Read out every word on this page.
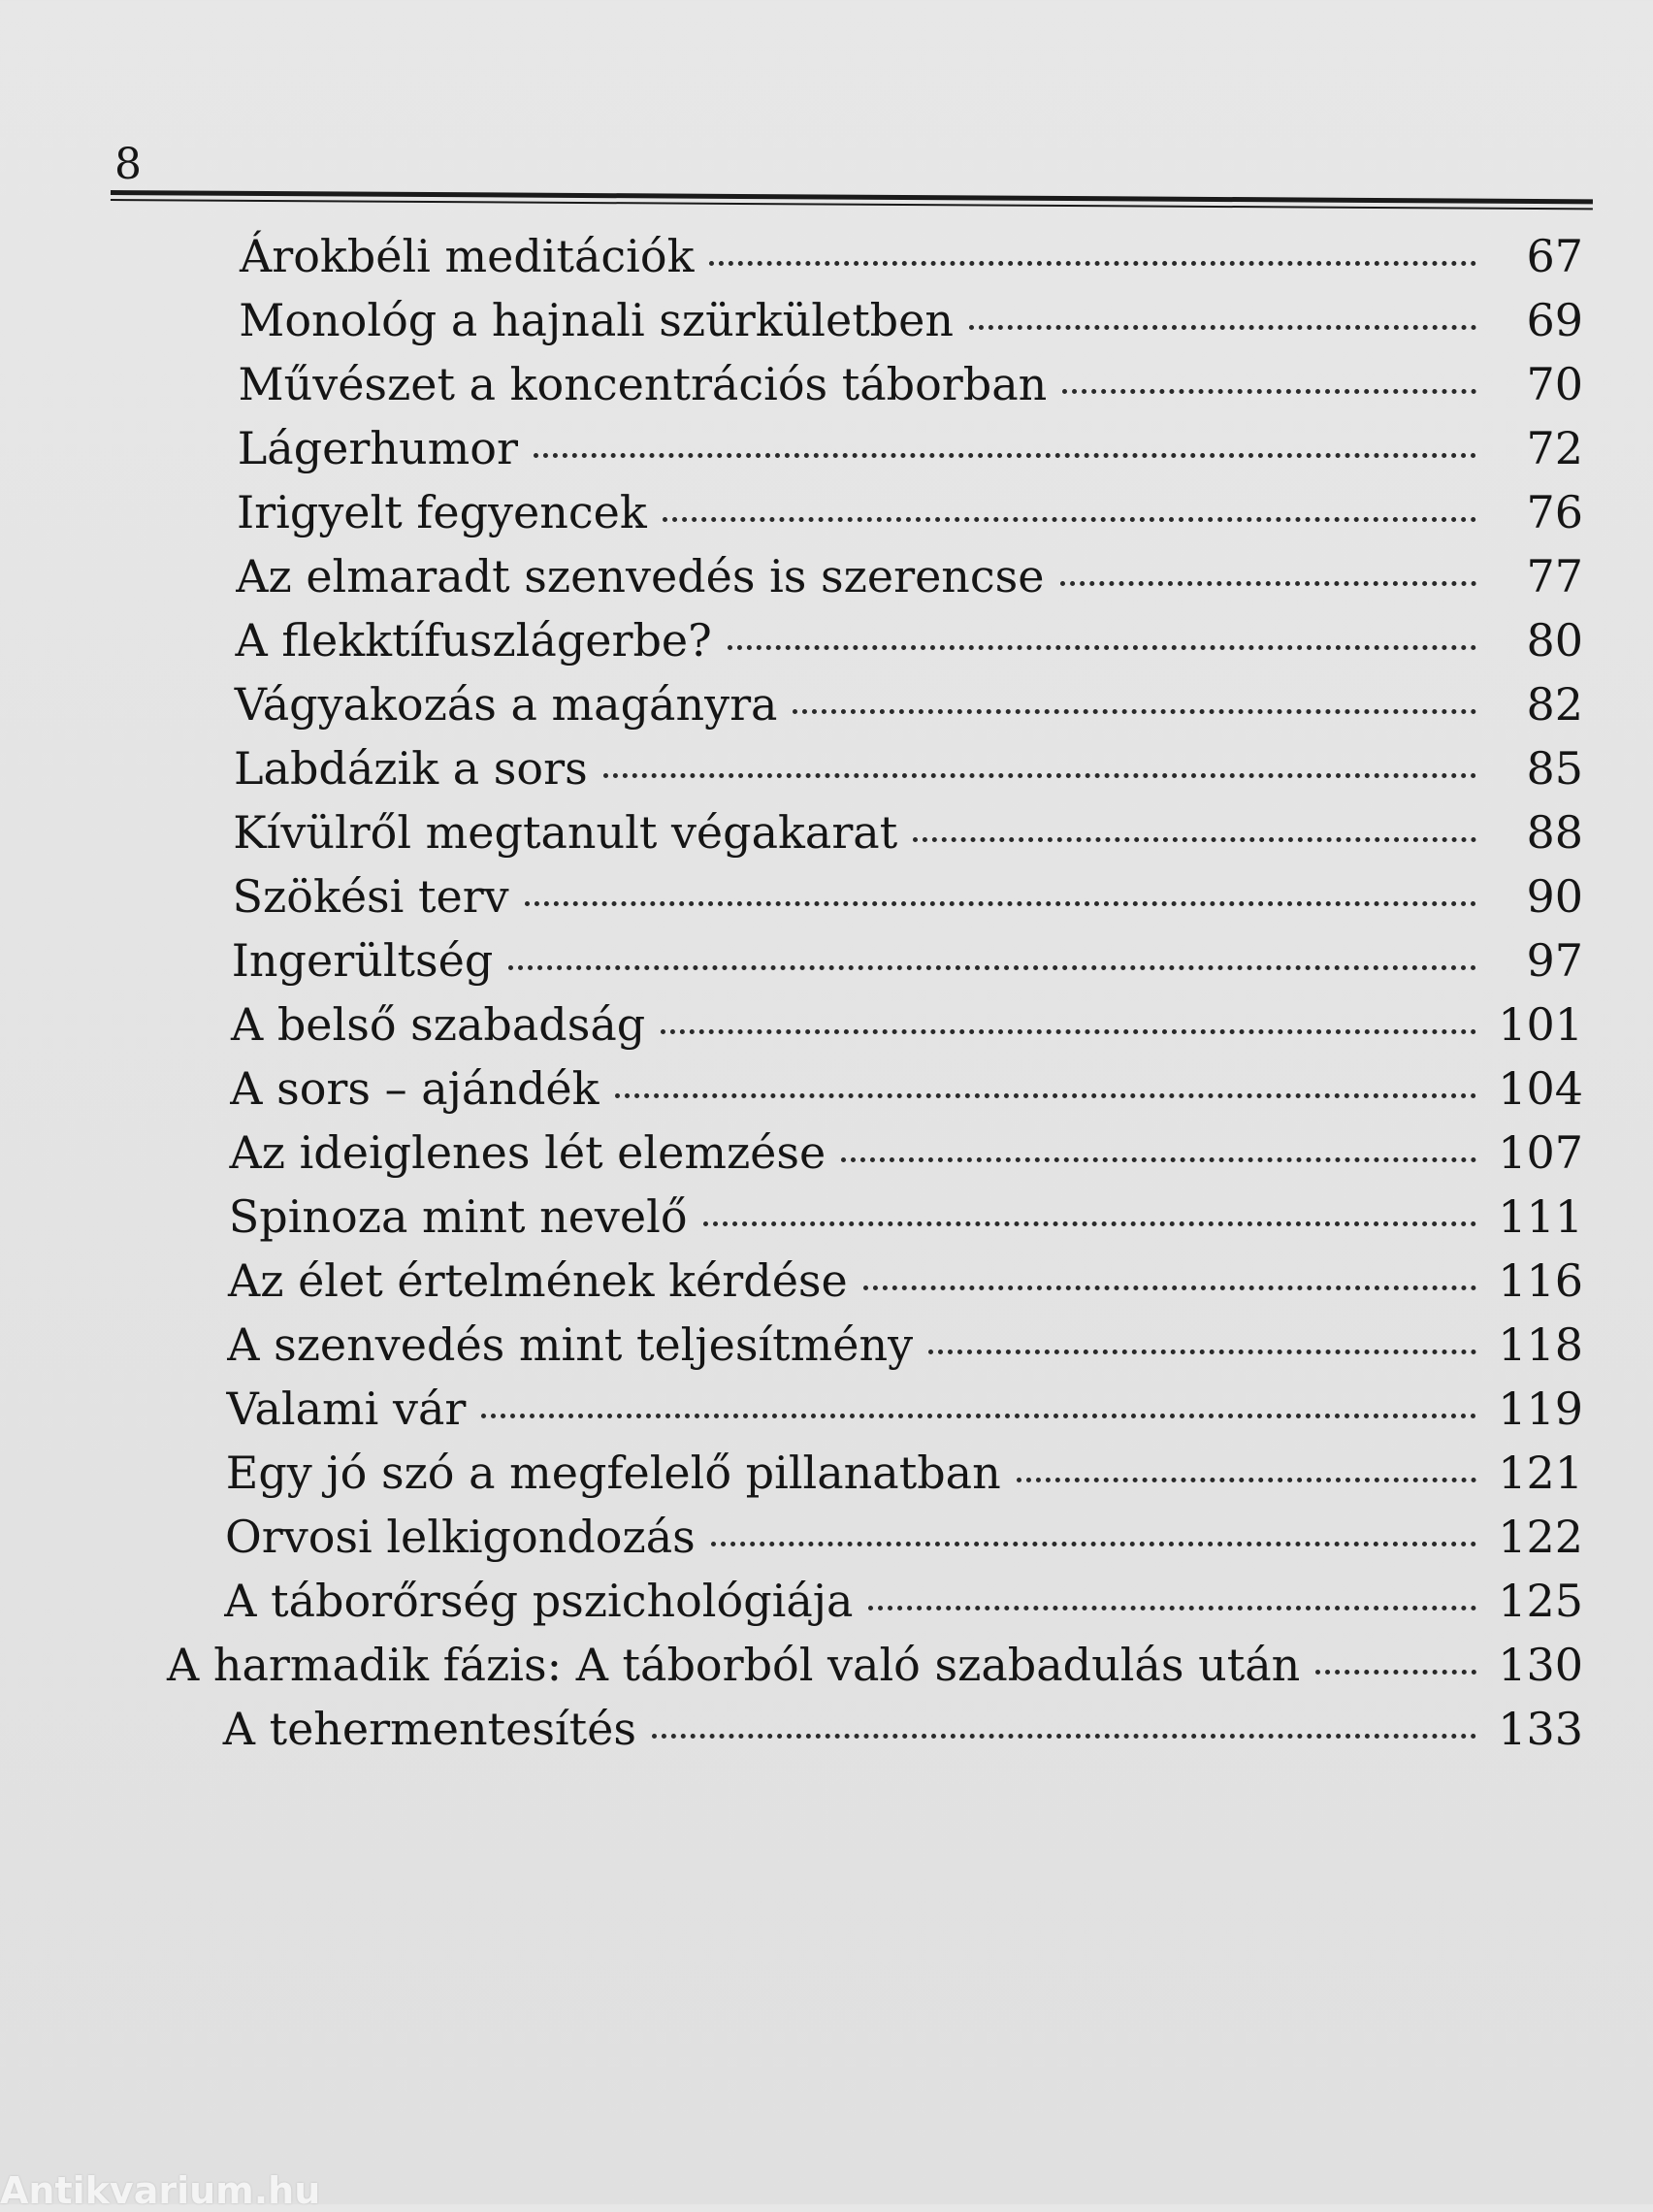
8
Árokbéli meditációk	67
Monológ a hajnali szürkületben	69
Művészet a koncentrációs táborban	70
Lágerhumor	72
Irigyelt fegyencek	76
Az elmaradt szenvedés is szerencse	77
A flekktífuszlágerbe?	80
Vágyakozás a magányra	82
Labdázik a sors	85
Kívülről megtanult végakarat	88
Szökési terv	90
Ingerültség	97
A belső szabadság	101
A sors – ajándék	104
Az ideiglenes lét elemzése	107
Spinoza mint nevelő	111
Az élet értelmének kérdése	116
A szenvedés mint teljesítmény	118
Valami vár	119
Egy jó szó a megfelelő pillanatban	121
Orvosi lelkigondozás	122
A táborőrség pszichológiája	125
A harmadik fázis: A táborból való szabadulás után	130
A tehermentesítés	133
Antikvarium.hu
